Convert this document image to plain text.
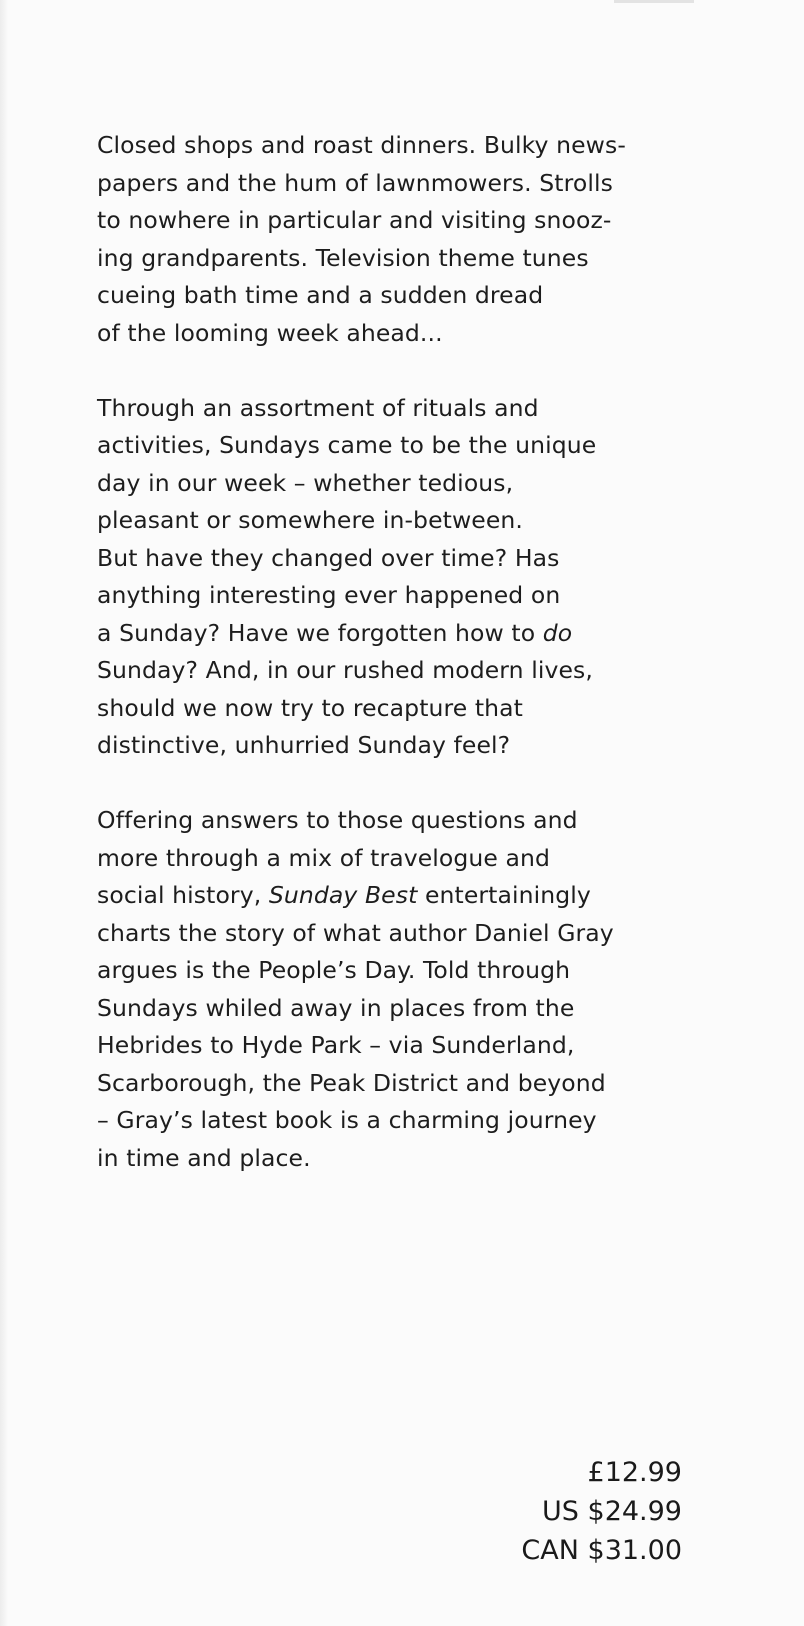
Closed shops and roast dinners. Bulky news-
papers and the hum of lawnmowers. Strolls
to nowhere in particular and visiting snooz-
ing grandparents. Television theme tunes
cueing bath time and a sudden dread
of the looming week ahead...
Through an assortment of rituals and
activities, Sundays came to be the unique
day in our week – whether tedious,
pleasant or somewhere in-between.
But have they changed over time? Has
anything interesting ever happened on
a Sunday? Have we forgotten how to do
Sunday? And, in our rushed modern lives,
should we now try to recapture that
distinctive, unhurried Sunday feel?
Offering answers to those questions and
more through a mix of travelogue and
social history, Sunday Best entertainingly
charts the story of what author Daniel Gray
argues is the People’s Day. Told through
Sundays whiled away in places from the
Hebrides to Hyde Park – via Sunderland,
Scarborough, the Peak District and beyond
– Gray’s latest book is a charming journey
in time and place.
£12.99
US $24.99
CAN $31.00
